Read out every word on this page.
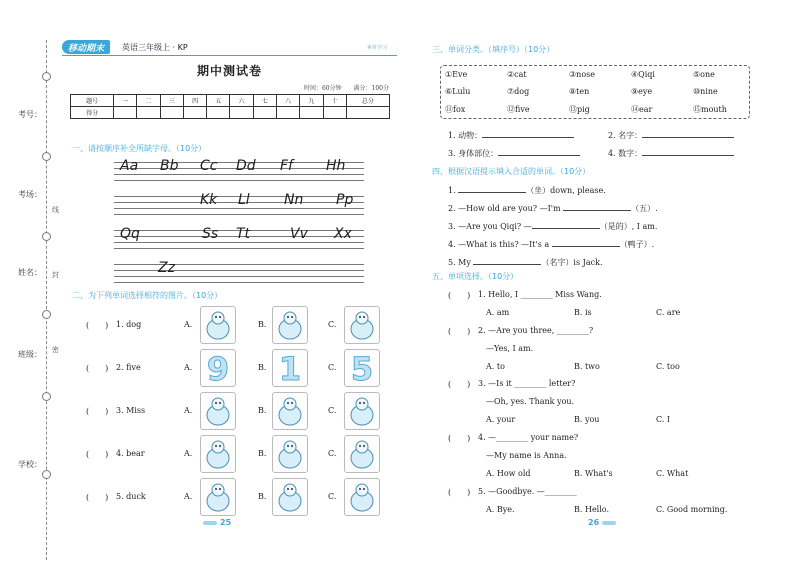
考号：
考场：
姓名：
班级：
学校：
线
封
密
移动期末	英语三年级上 · KP	素材学习
期中测试卷
时间：60分钟 满分：100分
题号	一	二	三	四	五	六	七	八	九	十	总分
得分											
一、请按顺序补全所缺字母。（10分）
Aa Bb Cc Dd Ff Hh
Kk Ll Nn Pp
Qq	Ss Tt	Vv Xx
Zz
二、为下列单词选择相符的图片。（10分）
(　　) 1. dog	A.	B.	C.
(　　) 2. five	A. 9	B. 1	C. 5
(　　) 3. Miss	A.	B.	C.
(　　) 4. bear	A.	B.	C.
(　　) 5. duck	A.	B.	C.
25
三、单词分类。（填序号）（10分）
①Eve	②cat	③nose	④Qiqi	⑤one
⑥Lulu	⑦dog	⑧ten	⑨eye	⑩nine
⑪fox	⑫five	⑬pig	⑭ear	⑮mouth
1. 动物：	2. 名字：
3. 身体部位：	4. 数字：
四、根据汉语提示填入合适的单词。（10分）
1.	（坐）down, please.
2. —How old are you? —I'm	（五）.
3. —Are you Qiqi? —	（是的）, I am.
4. —What is this? —It's a	（鸭子）.
5. My	（名字）is Jack.
五、单项选择。（10分）
(　　) 1. Hello, I ________ Miss Wang.
A. am	B. is	C. are
(　　) 2. —Are you three, ________?
—Yes, I am.
A. to	B. two	C. too
(　　) 3. —Is it ________ letter?
—Oh, yes. Thank you.
A. your	B. you	C. I
(　　) 4. —________ your name?
—My name is Anna.
A. How old	B. What's	C. What
(　　) 5. —Goodbye. —________
A. Bye.	B. Hello.	C. Good morning.
26
